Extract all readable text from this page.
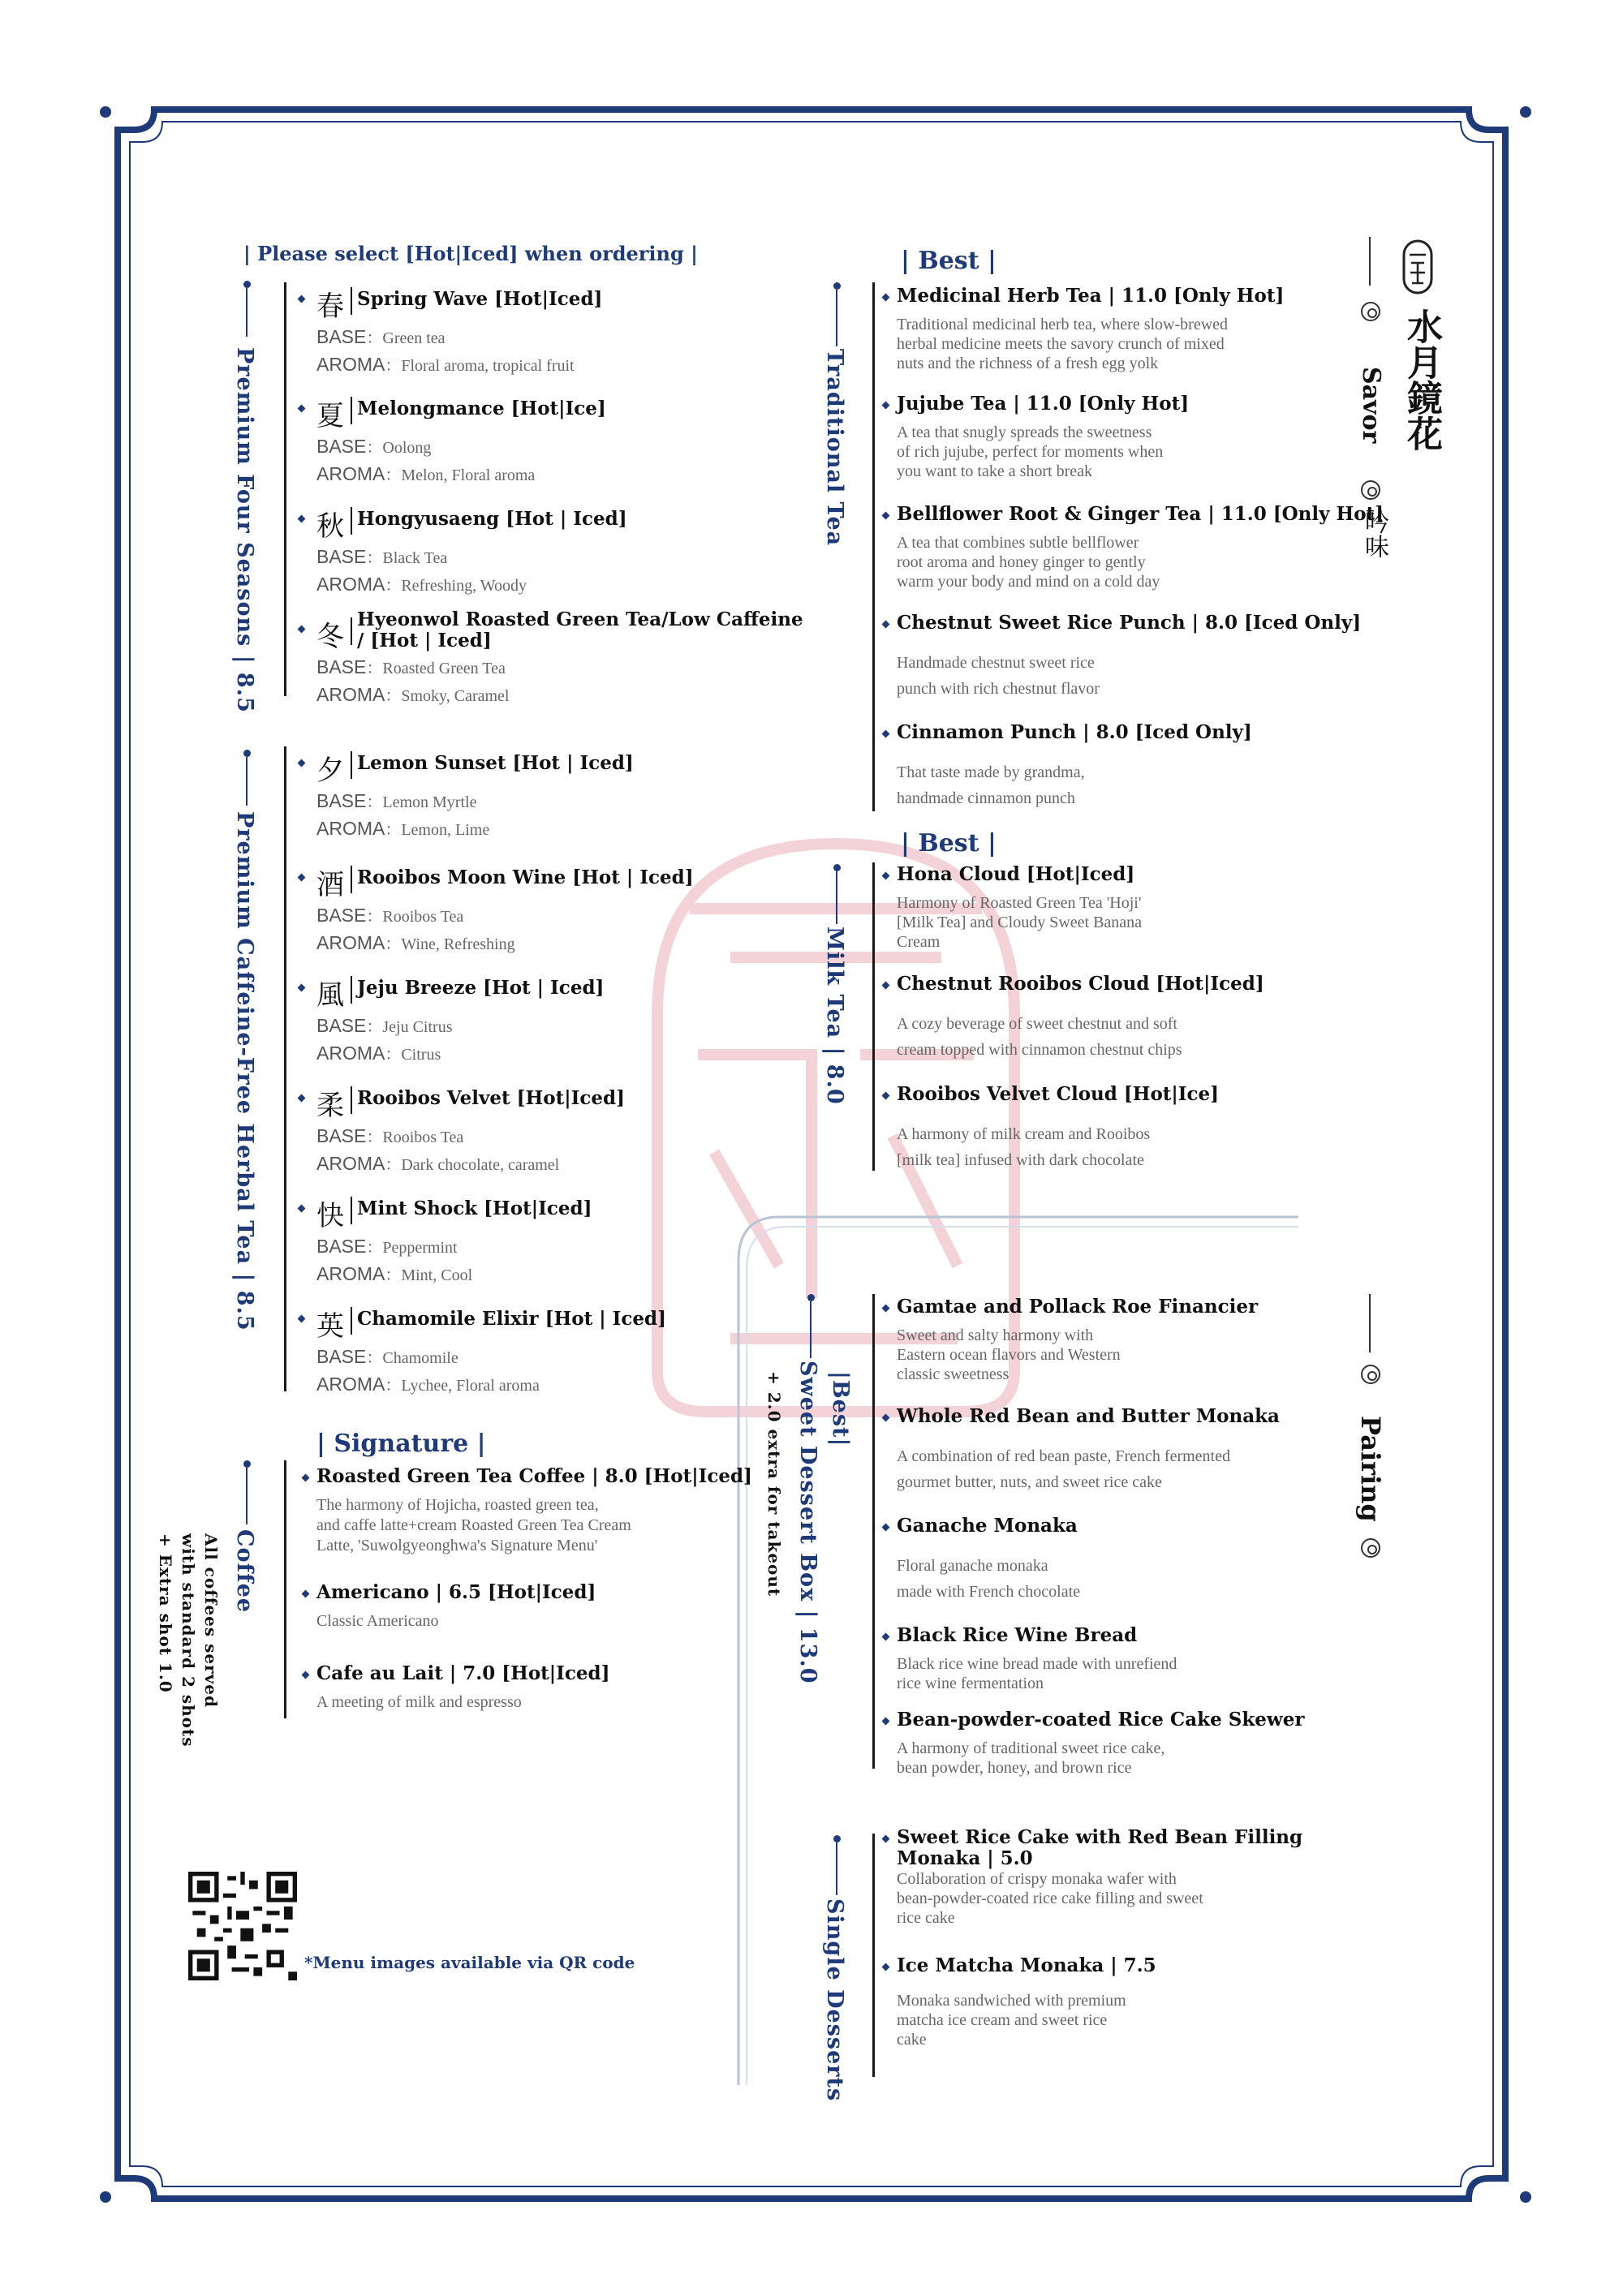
| Please select [Hot|Iced] when ordering |
Premium Four Seasons | 8.5
春 Spring Wave [Hot|Iced]
BASE：Green tea
AROMA：Floral aroma, tropical fruit
夏 Melongmance [Hot|Ice]
BASE：Oolong
AROMA：Melon, Floral aroma
秋 Hongyusaeng [Hot | Iced]
BASE：Black Tea
AROMA：Refreshing, Woody
冬
Hyeonwol Roasted Green Tea/Low Caffeine
/ [Hot | Iced]
BASE：Roasted Green Tea
AROMA：Smoky, Caramel
Premium Caffeine-Free Herbal Tea | 8.5
夕 Lemon Sunset [Hot | Iced]
BASE：Lemon Myrtle
AROMA：Lemon, Lime
酒 Rooibos Moon Wine [Hot | Iced]
BASE：Rooibos Tea
AROMA：Wine, Refreshing
風 Jeju Breeze [Hot | Iced]
BASE：Jeju Citrus
AROMA：Citrus
柔 Rooibos Velvet [Hot|Iced]
BASE：Rooibos Tea
AROMA：Dark chocolate, caramel
快 Mint Shock [Hot|Iced]
BASE：Peppermint
AROMA：Mint, Cool
英 Chamomile Elixir [Hot | Iced]
BASE：Chamomile
AROMA：Lychee, Floral aroma
| Signature |
Coffee
All coffees served
with standard 2 shots
+ Extra shot 1.0
Roasted Green Tea Coffee | 8.0 [Hot|Iced]
The harmony of Hojicha, roasted green tea,
and caffe latte+cream Roasted Green Tea Cream
Latte, 'Suwolgyeonghwa's Signature Menu'
Americano | 6.5 [Hot|Iced]
Classic Americano
Cafe au Lait | 7.0 [Hot|Iced]
A meeting of milk and espresso
*Menu images available via QR code
| Best |
Traditional Tea
Medicinal Herb Tea | 11.0 [Only Hot]
Traditional medicinal herb tea, where slow-brewed
herbal medicine meets the savory crunch of mixed
nuts and the richness of a fresh egg yolk
Jujube Tea | 11.0 [Only Hot]
A tea that snugly spreads the sweetness
of rich jujube, perfect for moments when
you want to take a short break
Bellflower Root & Ginger Tea | 11.0 [Only Hot]
A tea that combines subtle bellflower
root aroma and honey ginger to gently
warm your body and mind on a cold day
Chestnut Sweet Rice Punch | 8.0 [Iced Only]
Handmade chestnut sweet rice
punch with rich chestnut flavor
Cinnamon Punch | 8.0 [Iced Only]
That taste made by grandma,
handmade cinnamon punch
| Best |
Milk Tea | 8.0
Hona Cloud [Hot|Iced]
Harmony of Roasted Green Tea 'Hoji'
[Milk Tea] and Cloudy Sweet Banana
Cream
Chestnut Rooibos Cloud [Hot|Iced]
A cozy beverage of sweet chestnut and soft
cream topped with cinnamon chestnut chips
Rooibos Velvet Cloud [Hot|Ice]
A harmony of milk cream and Rooibos
[milk tea] infused with dark chocolate
|Best|
Sweet Dessert Box | 13.0
+ 2.0 extra for takeout
Gamtae and Pollack Roe Financier
Sweet and salty harmony with
Eastern ocean flavors and Western
classic sweetness
Whole Red Bean and Butter Monaka
A combination of red bean paste, French fermented
gourmet butter, nuts, and sweet rice cake
Ganache Monaka
Floral ganache monaka
made with French chocolate
Black Rice Wine Bread
Black rice wine bread made with unrefiend
rice wine fermentation
Bean-powder-coated Rice Cake Skewer
A harmony of traditional sweet rice cake,
bean powder, honey, and brown rice
Single Desserts
Sweet Rice Cake with Red Bean Filling
Monaka | 5.0
Collaboration of crispy monaka wafer with
bean-powder-coated rice cake filling and sweet
rice cake
Ice Matcha Monaka | 7.5
Monaka sandwiched with premium
matcha ice cream and sweet rice
cake
水月鏡花
Savor
吟味
Pairing
